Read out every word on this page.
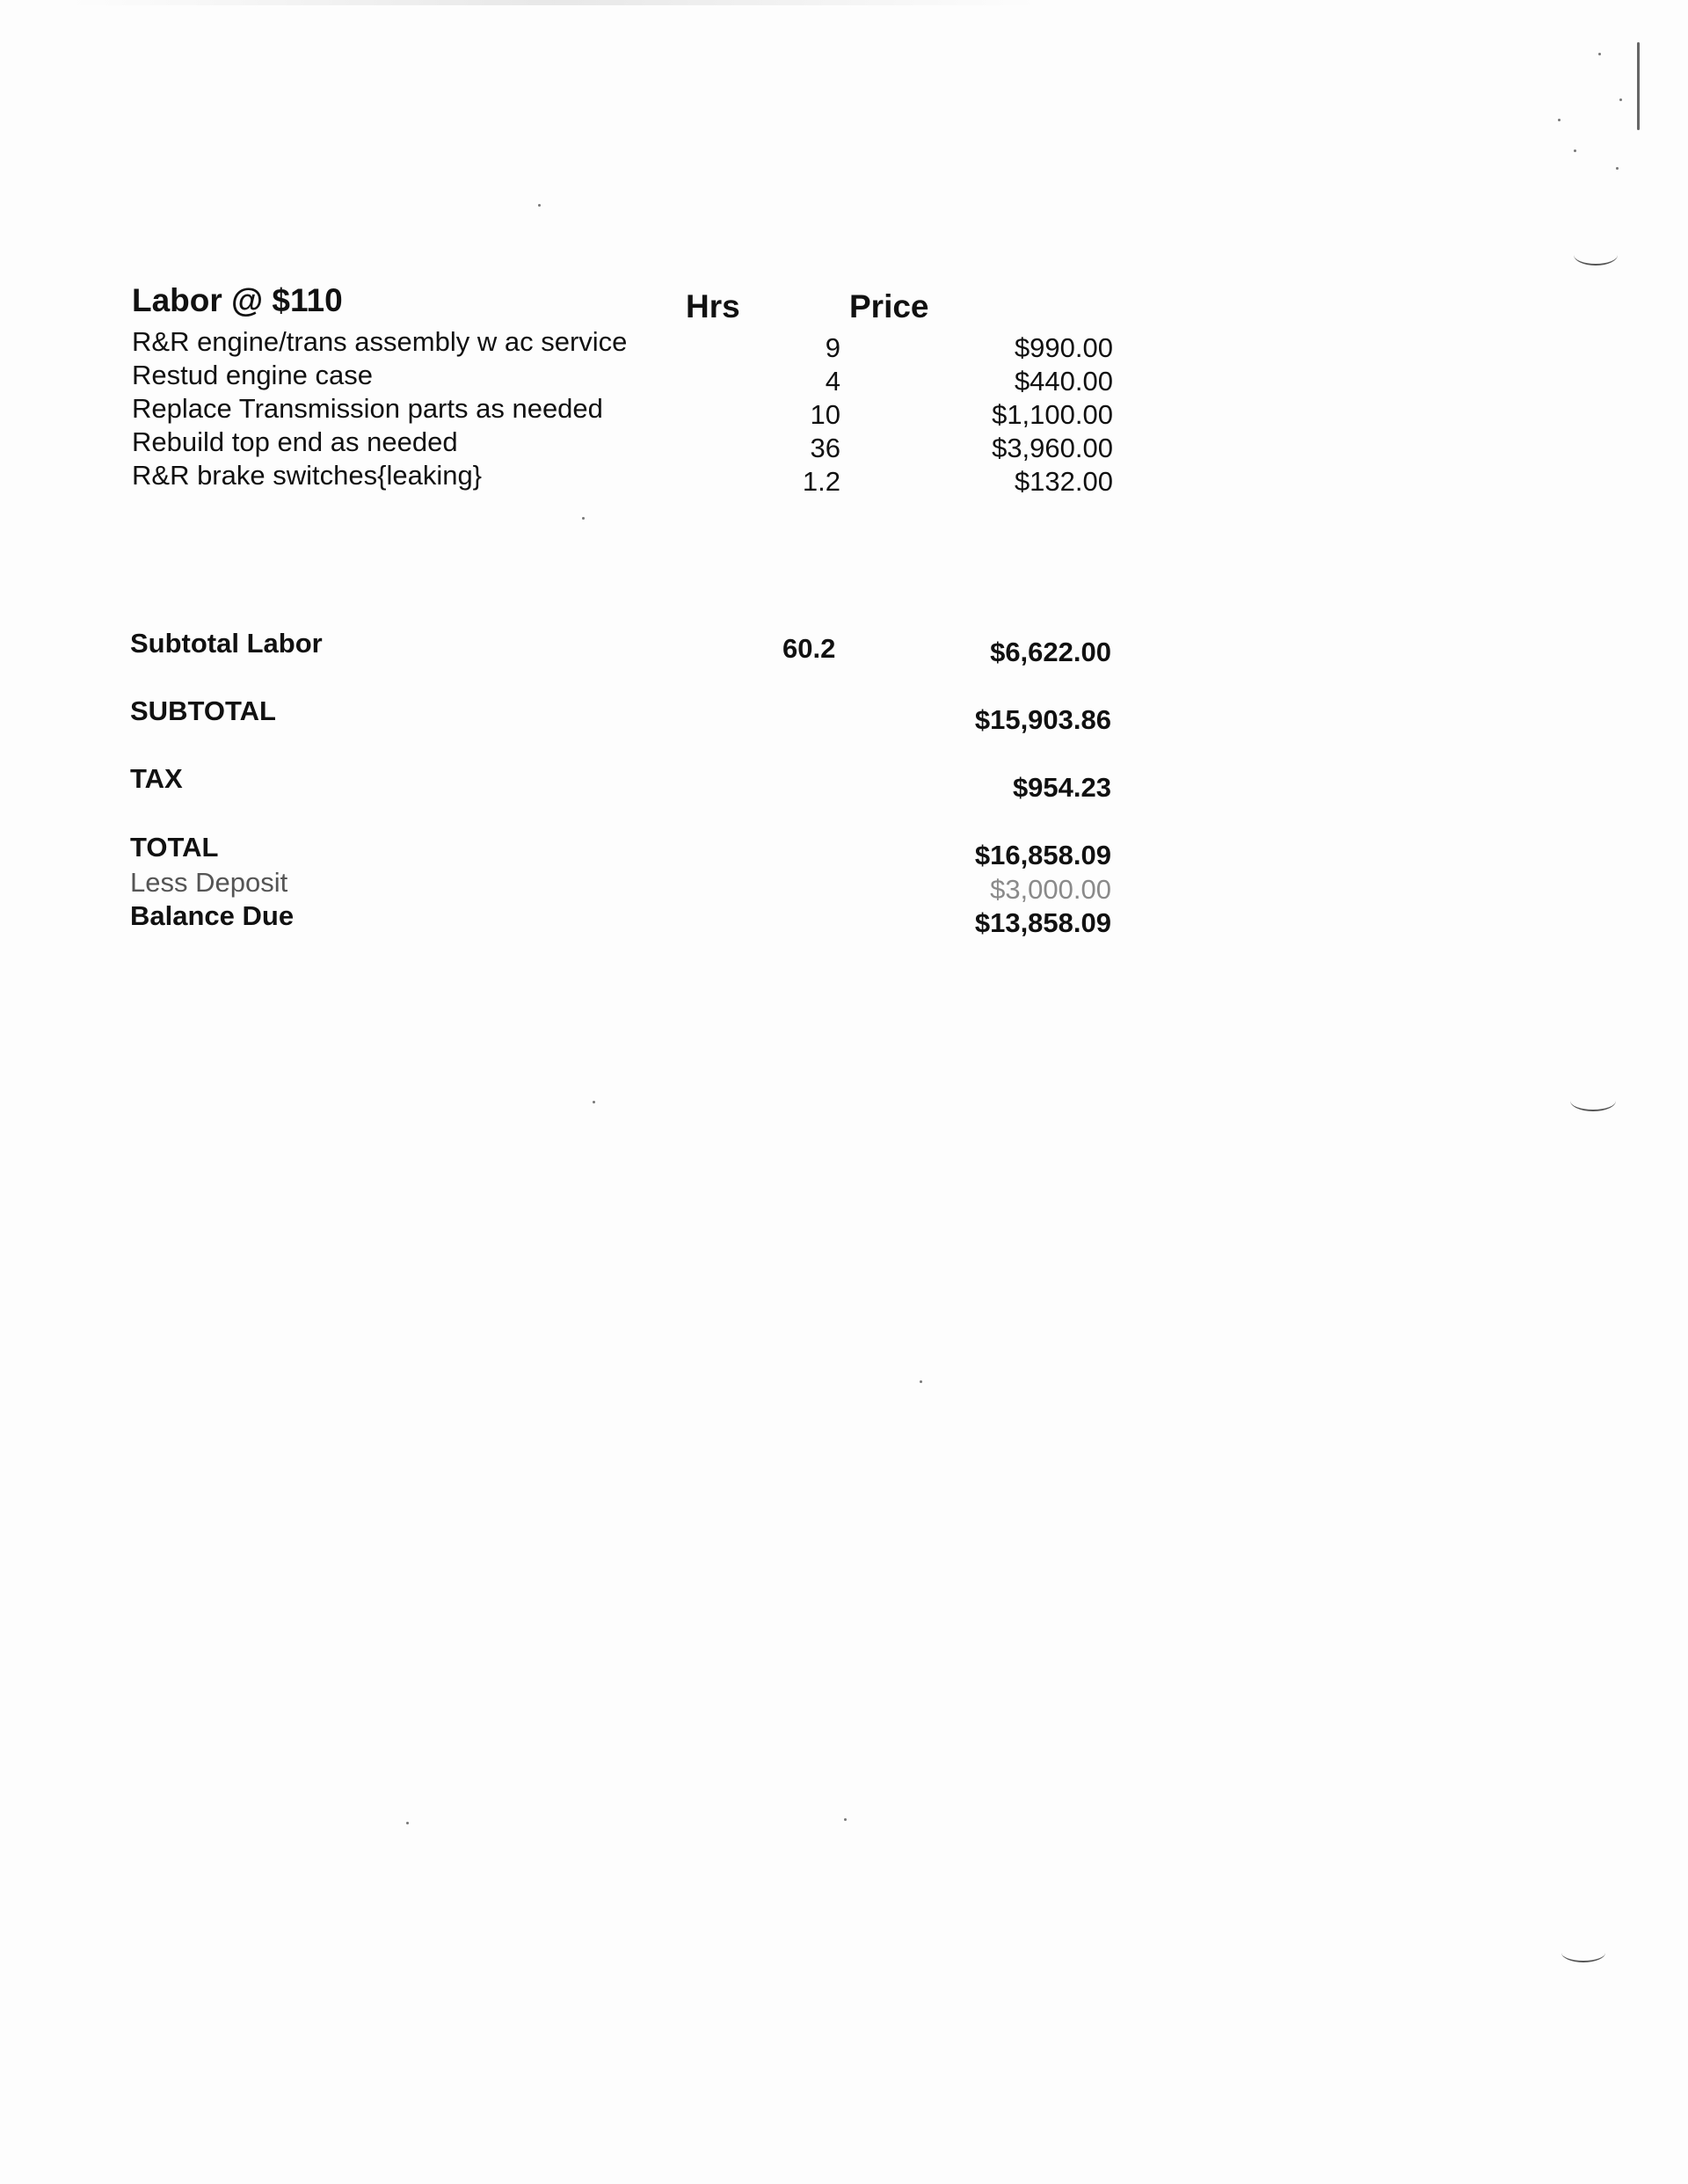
Labor @ $110	Hrs	Price
R&R engine/trans assembly w ac service	9	$990.00
Restud engine case	4	$440.00
Replace Transmission parts as needed	10	$1,100.00
Rebuild top end as needed	36	$3,960.00
R&R brake switches{leaking}	1.2	$132.00
Subtotal Labor	60.2	$6,622.00
SUBTOTAL	$15,903.86
TAX	$954.23
TOTAL	$16,858.09
Less Deposit	$3,000.00
Balance Due	$13,858.09
